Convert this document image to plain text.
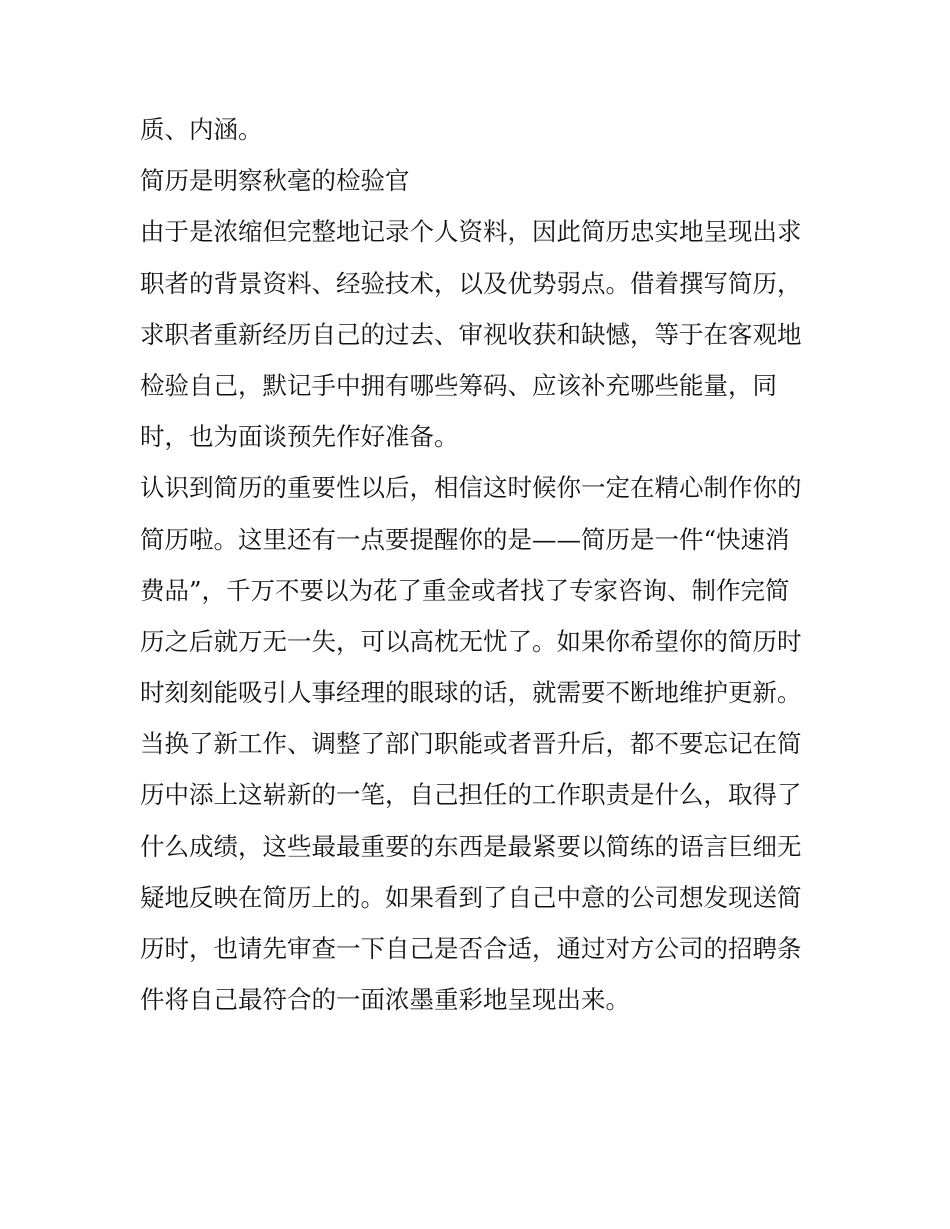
质、内涵。
简历是明察秋毫的检验官
由于是浓缩但完整地记录个人资料，因此简历忠实地呈现出求
职者的背景资料、经验技术，以及优势弱点。借着撰写简历，
求职者重新经历自己的过去、审视收获和缺憾，等于在客观地
检验自己，默记手中拥有哪些筹码、应该补充哪些能量，同
时，也为面谈预先作好准备。
认识到简历的重要性以后，相信这时候你一定在精心制作你的
简历啦。这里还有一点要提醒你的是——简历是一件“快速消
费品”，千万不要以为花了重金或者找了专家咨询、制作完简
历之后就万无一失，可以高枕无忧了。如果你希望你的简历时
时刻刻能吸引人事经理的眼球的话，就需要不断地维护更新。
当换了新工作、调整了部门职能或者晋升后，都不要忘记在简
历中添上这崭新的一笔，自己担任的工作职责是什么，取得了
什么成绩，这些最最重要的东西是最紧要以简练的语言巨细无
疑地反映在简历上的。如果看到了自己中意的公司想发现送简
历时，也请先审查一下自己是否合适，通过对方公司的招聘条
件将自己最符合的一面浓墨重彩地呈现出来。
